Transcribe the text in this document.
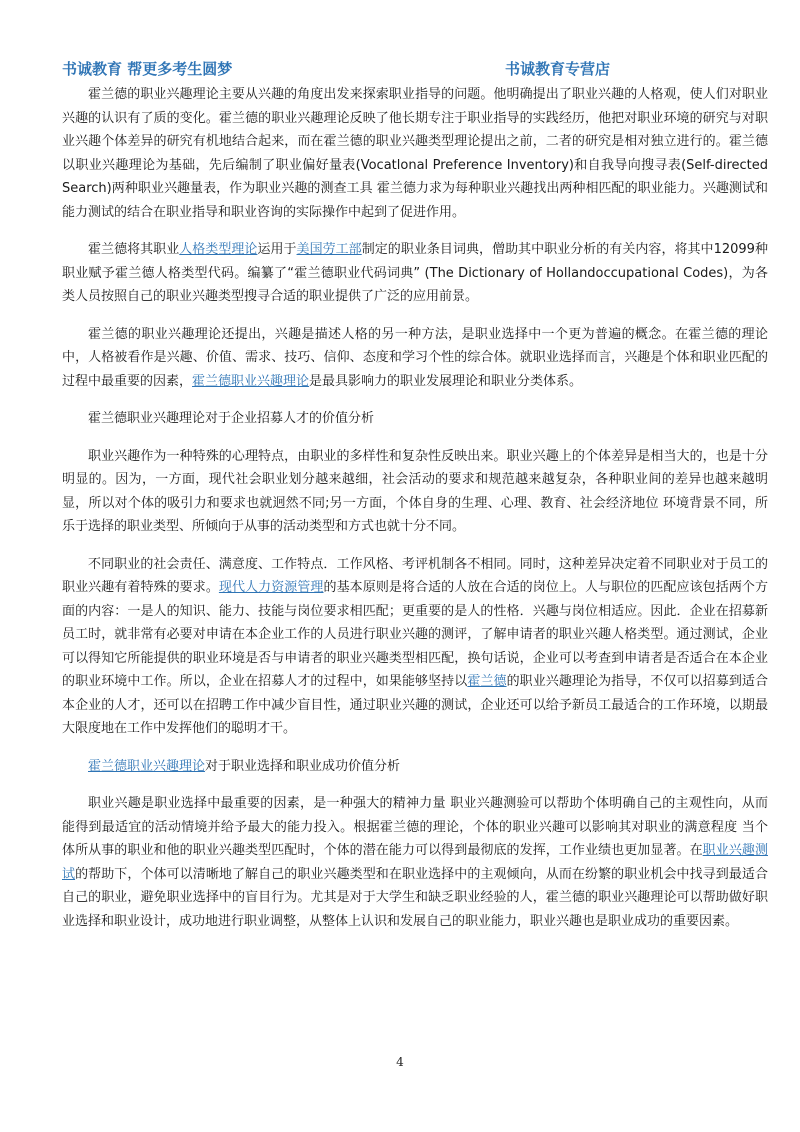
书诚教育 帮更多考生圆梦	书诚教育专营店

霍兰德的职业兴趣理论主要从兴趣的角度出发来探索职业指导的问题。他明确提出了职业兴趣的人格观，使人们对职业兴趣的认识有了质的变化。霍兰德的职业兴趣理论反映了他长期专注于职业指导的实践经历，他把对职业环境的研究与对职业兴趣个体差异的研究有机地结合起来，而在霍兰德的职业兴趣类型理论提出之前，二者的研究是相对独立进行的。霍兰德以职业兴趣理论为基础，先后编制了职业偏好量表(Vocatlonal Preference Inventory)和自我导向搜寻表(Self-directed Search)两种职业兴趣量表，作为职业兴趣的测查工具 霍兰德力求为每种职业兴趣找出两种相匹配的职业能力。兴趣测试和能力测试的结合在职业指导和职业咨询的实际操作中起到了促进作用。

霍兰德将其职业人格类型理论运用于美国劳工部制定的职业条目词典，僧助其中职业分析的有关内容，将其中12099种职业赋予霍兰德人格类型代码。编纂了“霍兰德职业代码词典” (The Dictionary of Hollandoccupational Codes)，为各类人员按照自己的职业兴趣类型搜寻合适的职业提供了广泛的应用前景。

霍兰德的职业兴趣理论还提出，兴趣是描述人格的另一种方法，是职业选择中一个更为普遍的概念。在霍兰德的理论中，人格被看作是兴趣、价值、需求、技巧、信仰、态度和学习个性的综合体。就职业选择而言，兴趣是个体和职业匹配的过程中最重要的因素，霍兰德职业兴趣理论是最具影响力的职业发展理论和职业分类体系。

霍兰德职业兴趣理论对于企业招募人才的价值分析

职业兴趣作为一种特殊的心理特点，由职业的多样性和复杂性反映出来。职业兴趣上的个体差异是相当大的，也是十分明显的。因为，一方面，现代社会职业划分越来越细，社会活动的要求和规范越来越复杂，各种职业间的差异也越来越明显，所以对个体的吸引力和要求也就迥然不同;另一方面，个体自身的生理、心理、教育、社会经济地位 环境背景不同，所乐于选择的职业类型、所倾向于从事的活动类型和方式也就十分不同。

不同职业的社会责任、满意度、工作特点．工作风格、考评机制各不相同。同时，这种差异决定着不同职业对于员工的职业兴趣有着特殊的要求。现代人力资源管理的基本原则是将合适的人放在合适的岗位上。人与职位的匹配应该包括两个方面的内容：一是人的知识、能力、技能与岗位要求相匹配；更重要的是人的性格．兴趣与岗位相适应。因此．企业在招募新员工时，就非常有必要对申请在本企业工作的人员进行职业兴趣的测评，了解申请者的职业兴趣人格类型。通过测试，企业可以得知它所能提供的职业环境是否与申请者的职业兴趣类型相匹配，换句话说，企业可以考查到申请者是否适合在本企业的职业环境中工作。所以，企业在招募人才的过程中，如果能够坚持以霍兰德的职业兴趣理论为指导，不仅可以招募到适合本企业的人才，还可以在招聘工作中减少盲目性，通过职业兴趣的测试，企业还可以给予新员工最适合的工作环境，以期最大限度地在工作中发挥他们的聪明才干。

霍兰德职业兴趣理论对于职业选择和职业成功价值分析

职业兴趣是职业选择中最重要的因素，是一种强大的精神力量 职业兴趣测验可以帮助个体明确自己的主观性向，从而能得到最适宜的活动情境并给予最大的能力投入。根据霍兰德的理论，个体的职业兴趣可以影响其对职业的满意程度 当个体所从事的职业和他的职业兴趣类型匹配时，个体的潜在能力可以得到最彻底的发挥，工作业绩也更加显著。在职业兴趣测试的帮助下，个体可以清晰地了解自己的职业兴趣类型和在职业选择中的主观倾向，从而在纷繁的职业机会中找寻到最适合自己的职业，避免职业选择中的盲目行为。尤其是对于大学生和缺乏职业经验的人，霍兰德的职业兴趣理论可以帮助做好职业选择和职业设计，成功地进行职业调整，从整体上认识和发展自己的职业能力，职业兴趣也是职业成功的重要因素。

4
